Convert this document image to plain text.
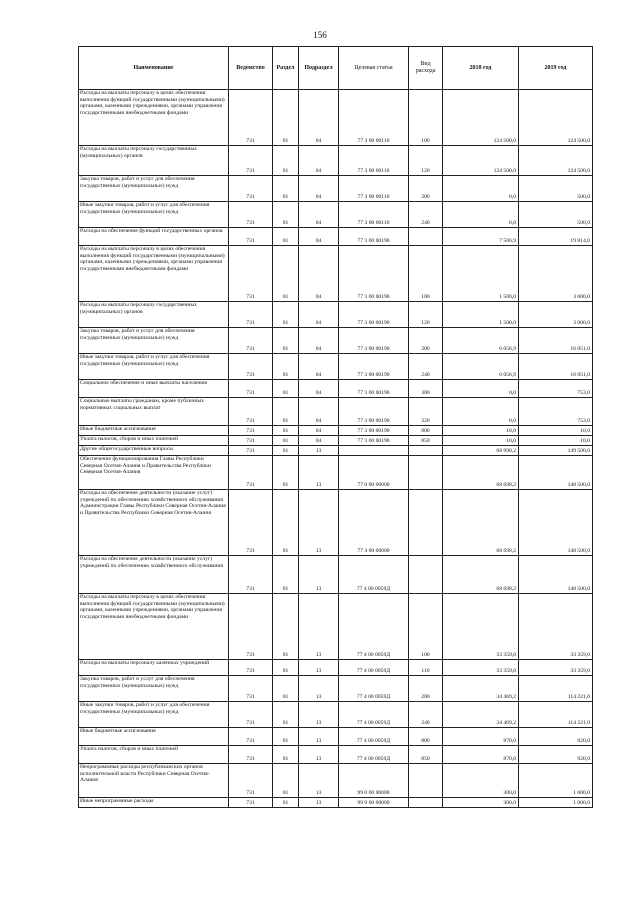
156
Наименование	Ведомство	Раздел	Подраздел	Целевая статья	Вид расхода	2018 год	2019 год
Расходы на выплаты персоналу в целях обеспечения выполнения функций государственными (муниципальными) органами, казенными учреждениями, органами управления государственными внебюджетными фондами	731	01	04	77 3 00 00110	100	124 500,0	124 500,0
Расходы на выплаты персоналу государственных (муниципальных) органов	731	01	04	77 3 00 00110	120	124 500,0	124 500,0
Закупка товаров, работ и услуг для обеспечения государственных (муниципальных) нужд	731	01	04	77 3 00 00110	200	0,0	500,0
Иные закупки товаров, работ и услуг для обеспечения государственных (муниципальных) нужд	731	01	04	77 3 00 00110	240	0,0	500,0
Расходы на обеспечение функций государственных органов	731	01	04	77 3 00 00190		7 566,9	19 814,0
Расходы на выплаты персоналу в целях обеспечения выполнения функций государственными (муниципальными) органами, казенными учреждениями, органами управления государственными внебюджетными фондами	731	01	04	77 3 00 00190	100	1 500,0	3 000,0
Расходы на выплаты персоналу государственных (муниципальных) органов	731	01	04	77 3 00 00190	120	1 500,0	3 000,0
Закупка товаров, работ и услуг для обеспечения государственных (муниципальных) нужд	731	01	04	77 3 00 00190	200	6 056,9	16 051,0
Иные закупки товаров, работ и услуг для обеспечения государственных (муниципальных) нужд	731	01	04	77 3 00 00190	240	6 056,9	16 051,0
Социальное обеспечение и иные выплаты населению	731	01	04	77 3 00 00190	300	0,0	753,0
Социальные выплаты гражданам, кроме публичных нормативных социальных выплат	731	01	04	77 3 00 00190	320	0,0	753,0
Иные бюджетные ассигнования	731	01	04	77 3 00 00190	800	10,0	10,0
Уплата налогов, сборов и иных платежей	731	01	04	77 3 00 00190	850	10,0	10,0
Другие общегосударственные вопросы	731	01	13			68 998,2	149 500,0
Обеспечение функционирования Главы Республики Северная Осетия-Алания и Правительства Республики Северная Осетия-Алания	731	01	13	77 0 00 00000		68 698,2	148 500,0
Расходы на обеспечение деятельности (оказание услуг) учреждений по обеспечению хозяйственного обслуживания Администрации Главы Республики Северная Осетия-Алания и Правительства Республики Северная Осетия-Алания	731	01	13	77 4 00 00000		68 698,2	148 500,0
Расходы на обеспечение деятельности (оказание услуг) учреждений по обеспечению хозяйственного обслуживания	731	01	13	77 4 00 0059Д		68 698,2	148 500,0
Расходы на выплаты персоналу в целях обеспечения выполнения функций государственными (муниципальными) органами, казенными учреждениями, органами управления государственными внебюджетными фондами	731	01	13	77 4 00 0059Д	100	33 359,0	33 359,0
Расходы на выплаты персоналу казенных учреждений	731	01	13	77 4 00 0059Д	110	33 359,0	33 359,0
Закупка товаров, работ и услуг для обеспечения государственных (муниципальных) нужд	731	01	13	77 4 00 0059Д	200	34 469,2	114 221,0
Иные закупки товаров, работ и услуг для обеспечения государственных (муниципальных) нужд	731	01	13	77 4 00 0059Д	240	34 469,2	114 221,0
Иные бюджетные ассигнования	731	01	13	77 4 00 0059Д	800	870,0	920,0
Уплата налогов, сборов и иных платежей	731	01	13	77 4 00 0059Д	850	870,0	920,0
Непрограммные расходы республиканских органов исполнительной власти Республики Северная Осетия-Алания	731	01	13	99 0 00 00000		300,0	1 000,0
Иные непрограммные расходы	731	01	13	99 9 00 00000		300,0	1 000,0
